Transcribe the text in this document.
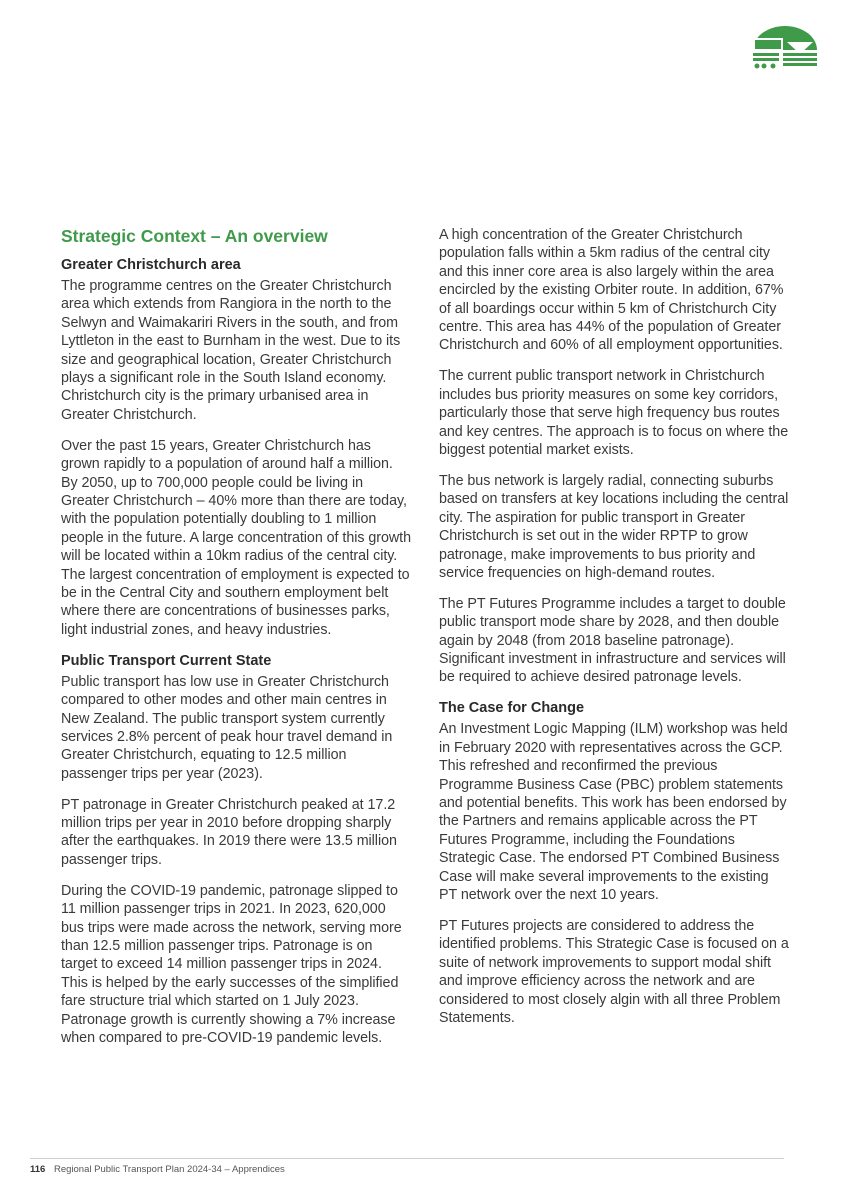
Strategic Context – An overview
Greater Christchurch area

The programme centres on the Greater Christchurch area which extends from Rangiora in the north to the Selwyn and Waimakariri Rivers in the south, and from Lyttleton in the east to Burnham in the west. Due to its size and geographical location, Greater Christchurch plays a significant role in the South Island economy. Christchurch city is the primary urbanised area in Greater Christchurch.

Over the past 15 years, Greater Christchurch has grown rapidly to a population of around half a million. By 2050, up to 700,000 people could be living in Greater Christchurch – 40% more than there are today, with the population potentially doubling to 1 million people in the future. A large concentration of this growth will be located within a 10km radius of the central city. The largest concentration of employment is expected to be in the Central City and southern employment belt where there are concentrations of businesses parks, light industrial zones, and heavy industries.

Public Transport Current State

Public transport has low use in Greater Christchurch compared to other modes and other main centres in New Zealand. The public transport system currently services 2.8% percent of peak hour travel demand in Greater Christchurch, equating to 12.5 million passenger trips per year (2023).

PT patronage in Greater Christchurch peaked at 17.2 million trips per year in 2010 before dropping sharply after the earthquakes. In 2019 there were 13.5 million passenger trips.

During the COVID-19 pandemic, patronage slipped to 11 million passenger trips in 2021. In 2023, 620,000 bus trips were made across the network, serving more than 12.5 million passenger trips. Patronage is on target to exceed 14 million passenger trips in 2024. This is helped by the early successes of the simplified fare structure trial which started on 1 July 2023. Patronage growth is currently showing a 7% increase when compared to pre-COVID-19 pandemic levels.

A high concentration of the Greater Christchurch population falls within a 5km radius of the central city and this inner core area is also largely within the area encircled by the existing Orbiter route. In addition, 67% of all boardings occur within 5 km of Christchurch City centre. This area has 44% of the population of Greater Christchurch and 60% of all employment opportunities.

The current public transport network in Christchurch includes bus priority measures on some key corridors, particularly those that serve high frequency bus routes and key centres. The approach is to focus on where the biggest potential market exists.

The bus network is largely radial, connecting suburbs based on transfers at key locations including the central city. The aspiration for public transport in Greater Christchurch is set out in the wider RPTP to grow patronage, make improvements to bus priority and service frequencies on high-demand routes.

The PT Futures Programme includes a target to double public transport mode share by 2028, and then double again by 2048 (from 2018 baseline patronage). Significant investment in infrastructure and services will be required to achieve desired patronage levels.

The Case for Change

An Investment Logic Mapping (ILM) workshop was held in February 2020 with representatives across the GCP. This refreshed and reconfirmed the previous Programme Business Case (PBC) problem statements and potential benefits. This work has been endorsed by the Partners and remains applicable across the PT Futures Programme, including the Foundations Strategic Case. The endorsed PT Combined Business Case will make several improvements to the existing PT network over the next 10 years.

PT Futures projects are considered to address the identified problems. This Strategic Case is focused on a suite of network improvements to support modal shift and improve efficiency across the network and are considered to most closely algin with all three Problem Statements.

116 Regional Public Transport Plan 2024-34 – Apprendices
